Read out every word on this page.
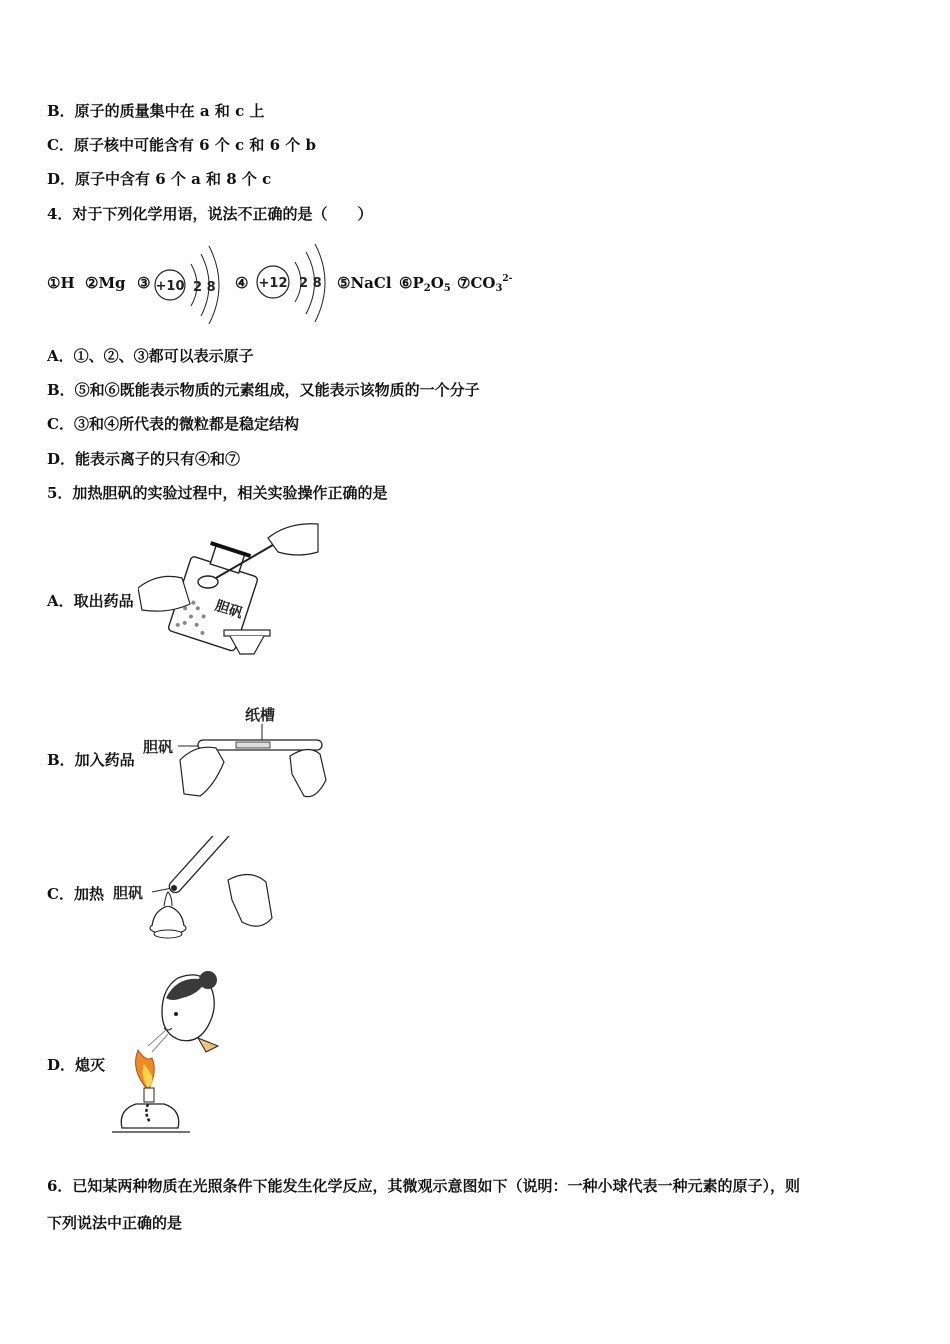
B．原子的质量集中在 a 和 c 上
C．原子核中可能含有 6 个 c 和 6 个 b
D．原子中含有 6 个 a 和 8 个 c
4．对于下列化学用语，说法不正确的是（　　）
①H ②Mg ③ +10 2 8 ④ +12 2 8 ⑤NaCl $⑥P_2O_5$ $⑦CO_3^{2-}$
A．①、②、③都可以表示原子
B．⑤和⑥既能表示物质的元素组成，又能表示该物质的一个分子
C．③和④所代表的微粒都是稳定结构
D．能表示离子的只有④和⑦
5．加热胆矾的实验过程中，相关实验操作正确的是
A．取出药品	胆矾
B．加入药品
纸槽
胆矾
C．加热 胆矾
D．熄灭
6．已知某两种物质在光照条件下能发生化学反应，其微观示意图如下（说明：一种小球代表一种元素的原子），则
下列说法中正确的是
